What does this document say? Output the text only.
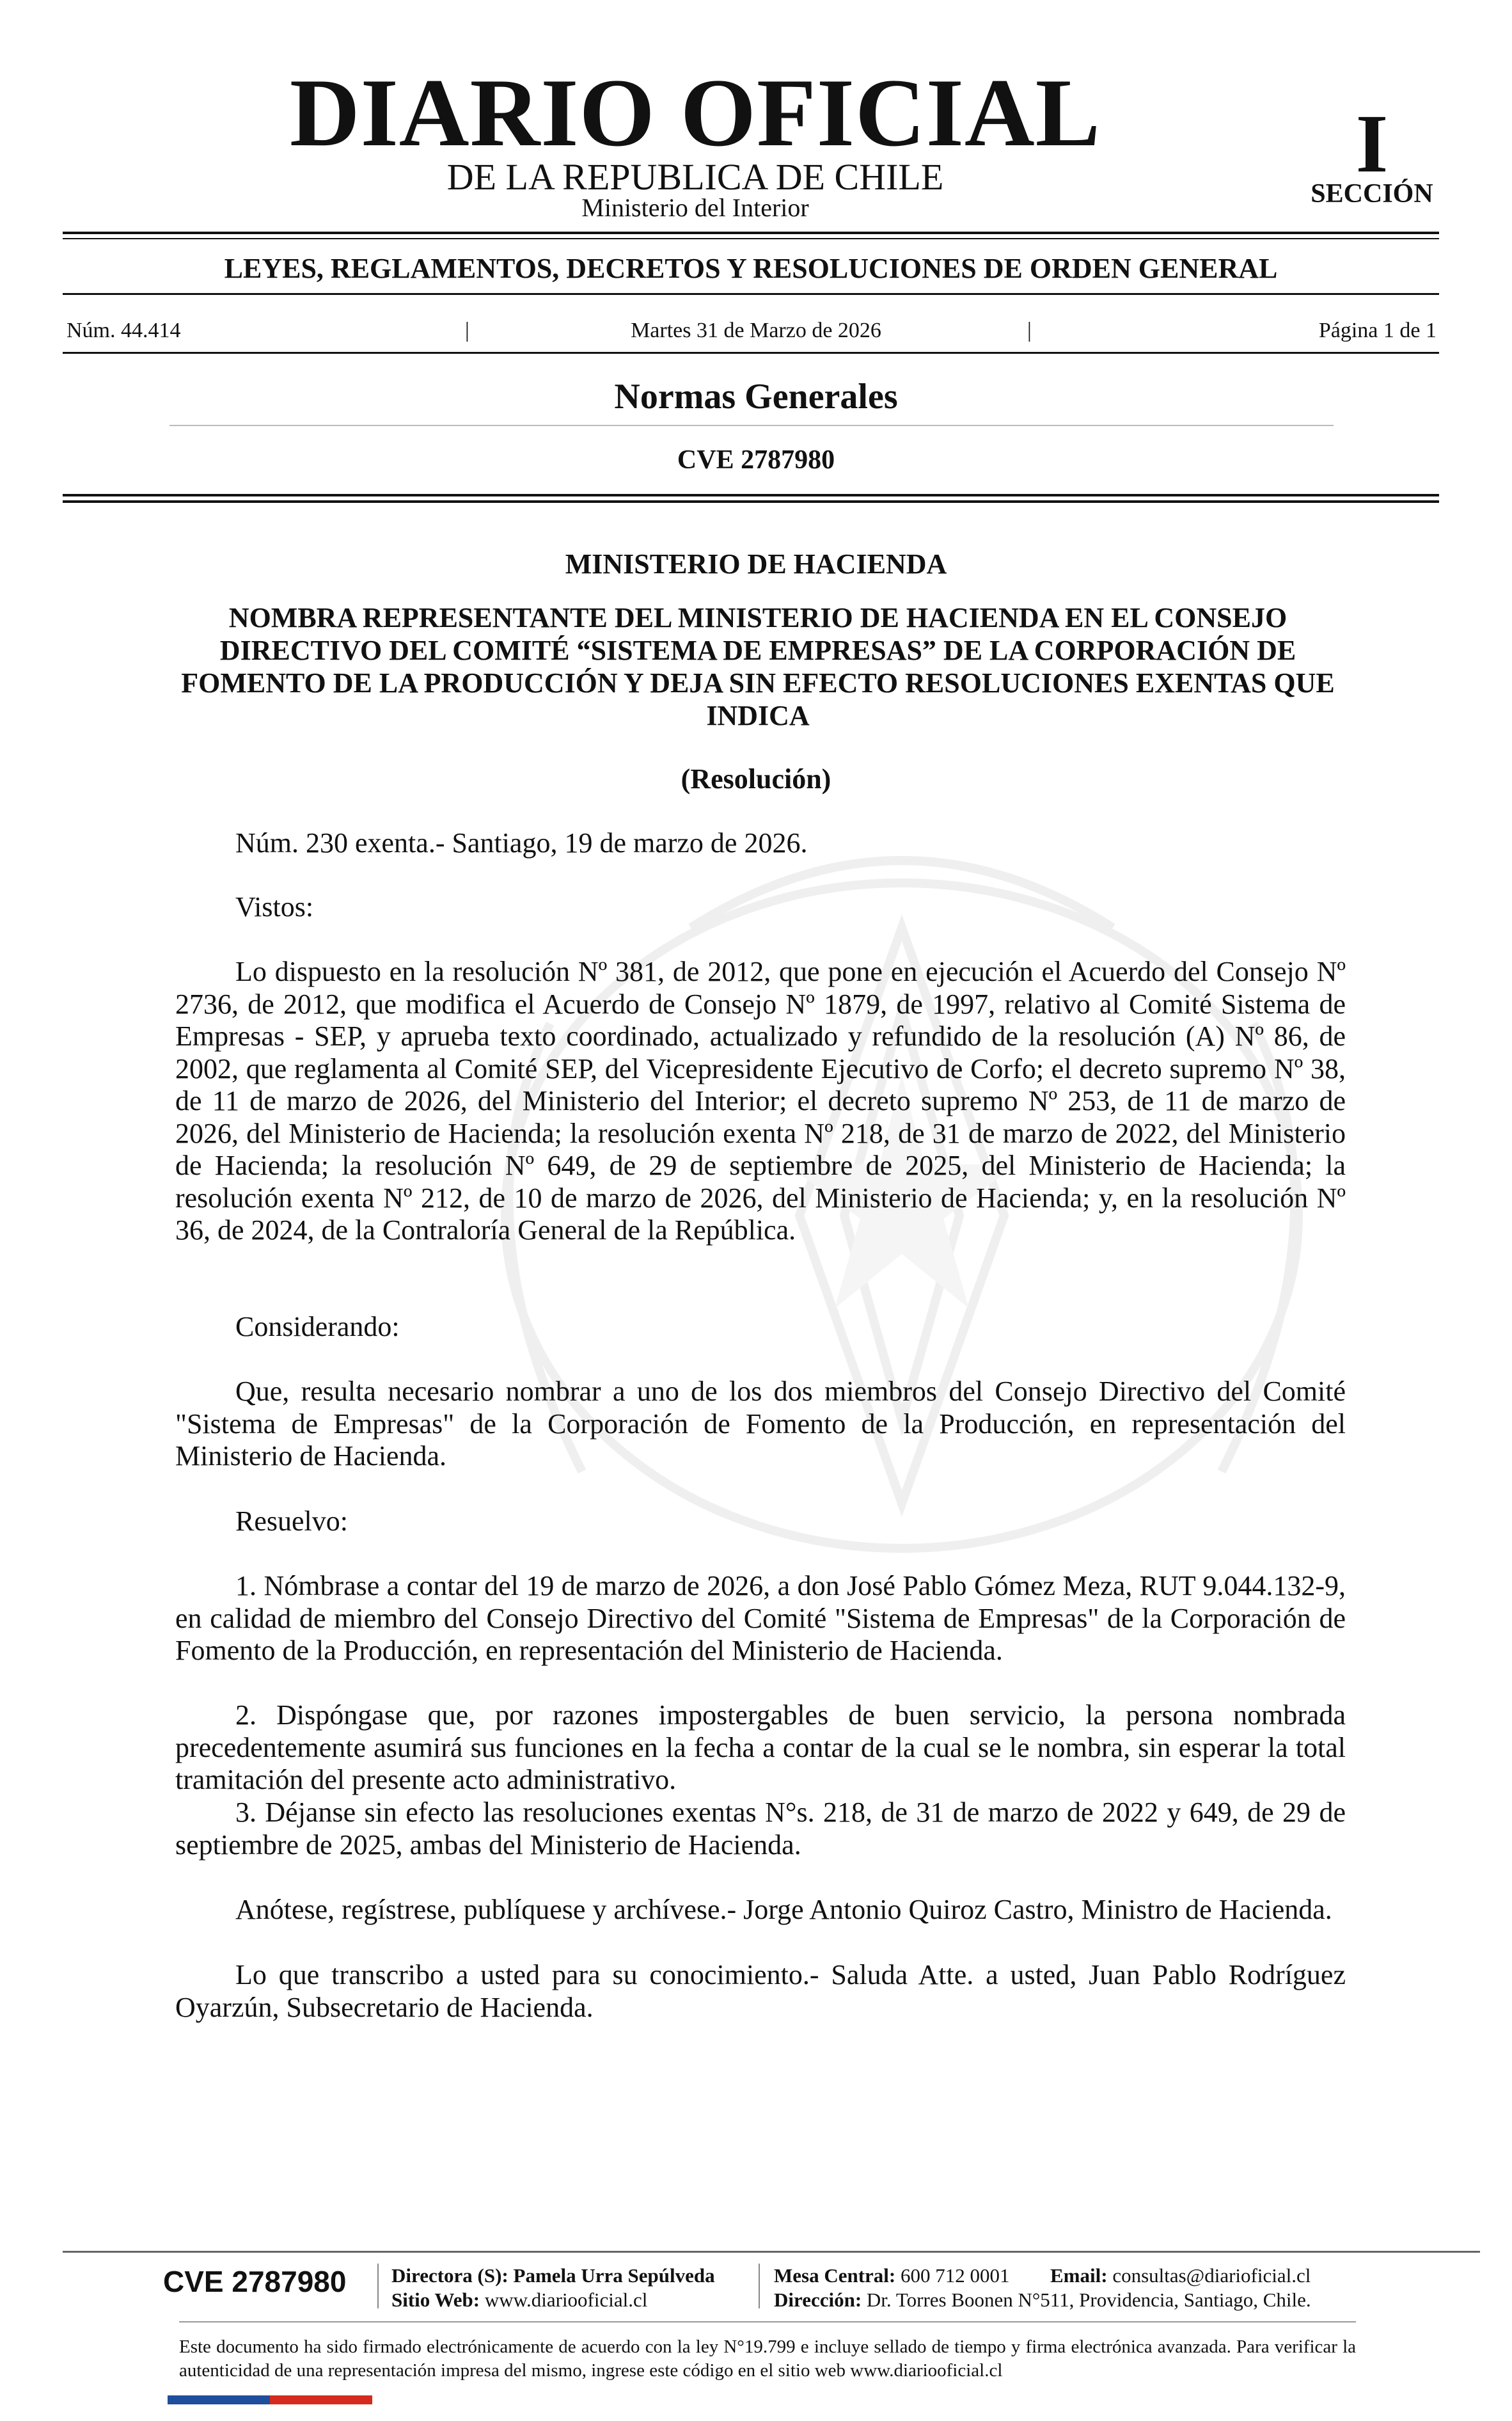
DIARIO OFICIAL
DE LA REPUBLICA DE CHILE
Ministerio del Interior
I
SECCIÓN
LEYES, REGLAMENTOS, DECRETOS Y RESOLUCIONES DE ORDEN GENERAL
Núm. 44.414	|	Martes 31 de Marzo de 2026	|	Página 1 de 1
Normas Generales
CVE 2787980
MINISTERIO DE HACIENDA
NOMBRA REPRESENTANTE DEL MINISTERIO DE HACIENDA EN EL CONSEJO DIRECTIVO DEL COMITÉ “SISTEMA DE EMPRESAS” DE LA CORPORACIÓN DE FOMENTO DE LA PRODUCCIÓN Y DEJA SIN EFECTO RESOLUCIONES EXENTAS QUE INDICA
(Resolución)
Núm. 230 exenta.- Santiago, 19 de marzo de 2026.
Vistos:
Lo dispuesto en la resolución Nº 381, de 2012, que pone en ejecución el Acuerdo del Consejo Nº 2736, de 2012, que modifica el Acuerdo de Consejo Nº 1879, de 1997, relativo al Comité Sistema de Empresas - SEP, y aprueba texto coordinado, actualizado y refundido de la resolución (A) Nº 86, de 2002, que reglamenta al Comité SEP, del Vicepresidente Ejecutivo de Corfo; el decreto supremo Nº 38, de 11 de marzo de 2026, del Ministerio del Interior; el decreto supremo Nº 253, de 11 de marzo de 2026, del Ministerio de Hacienda; la resolución exenta Nº 218, de 31 de marzo de 2022, del Ministerio de Hacienda; la resolución Nº 649, de 29 de septiembre de 2025, del Ministerio de Hacienda; la resolución exenta Nº 212, de 10 de marzo de 2026, del Ministerio de Hacienda; y, en la resolución Nº 36, de 2024, de la Contraloría General de la República.
Considerando:
Que, resulta necesario nombrar a uno de los dos miembros del Consejo Directivo del Comité "Sistema de Empresas" de la Corporación de Fomento de la Producción, en representación del Ministerio de Hacienda.
Resuelvo:
1. Nómbrase a contar del 19 de marzo de 2026, a don José Pablo Gómez Meza, RUT 9.044.132-9, en calidad de miembro del Consejo Directivo del Comité "Sistema de Empresas" de la Corporación de Fomento de la Producción, en representación del Ministerio de Hacienda.
2. Dispóngase que, por razones impostergables de buen servicio, la persona nombrada precedentemente asumirá sus funciones en la fecha a contar de la cual se le nombra, sin esperar la total tramitación del presente acto administrativo.
3. Déjanse sin efecto las resoluciones exentas N°s. 218, de 31 de marzo de 2022 y 649, de 29 de septiembre de 2025, ambas del Ministerio de Hacienda.
Anótese, regístrese, publíquese y archívese.- Jorge Antonio Quiroz Castro, Ministro de Hacienda.
Lo que transcribo a usted para su conocimiento.- Saluda Atte. a usted, Juan Pablo Rodríguez Oyarzún, Subsecretario de Hacienda.
CVE 2787980 Directora (S): Pamela Urra Sepúlveda
Sitio Web: www.diariooficial.cl
Mesa Central: 600 712 0001 Email: consultas@diarioficial.cl
Dirección: Dr. Torres Boonen N°511, Providencia, Santiago, Chile.
Este documento ha sido firmado electrónicamente de acuerdo con la ley N°19.799 e incluye sellado de tiempo y firma electrónica avanzada. Para verificar la autenticidad de una representación impresa del mismo, ingrese este código en el sitio web www.diariooficial.cl
